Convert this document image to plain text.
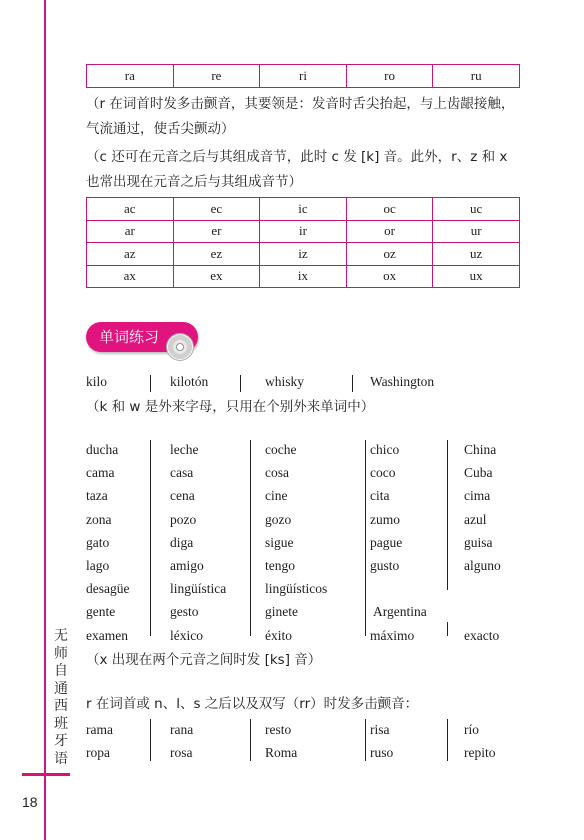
无
师
自
通
西
班
牙
语
18
ra	re	ri	ro	ru
（r 在词首时发多击颤音，其要领是：发音时舌尖抬起，与上齿龈接触，
气流通过，使舌尖颤动）
（c 还可在元音之后与其组成音节，此时 c 发 [k] 音。此外，r、z 和 x
也常出现在元音之后与其组成音节）
ac	ec	ic	oc	uc
ar	er	ir	or	ur
az	ez	iz	oz	uz
ax	ex	ix	ox	ux
单词练习
kilo	kilotón	whisky	Washington
（k 和 w 是外来字母，只用在个别外来单词中）
ducha	leche	coche	chico	China
cama	casa	cosa	coco	Cuba
taza	cena	cine	cita	cima
zona	pozo	gozo	zumo	azul
gato	diga	sigue	pague	guisa
lago	amigo	tengo	gusto	alguno
desagüe	lingüística	lingüísticos
gente	gesto	ginete	Argentina
examen	léxico	éxito	máximo	exacto
（x 出现在两个元音之间时发 [ks] 音）
r 在词首或 n、l、s 之后以及双写（rr）时发多击颤音：
rama	rana	resto	risa	río
ropa	rosa	Roma	ruso	repito
